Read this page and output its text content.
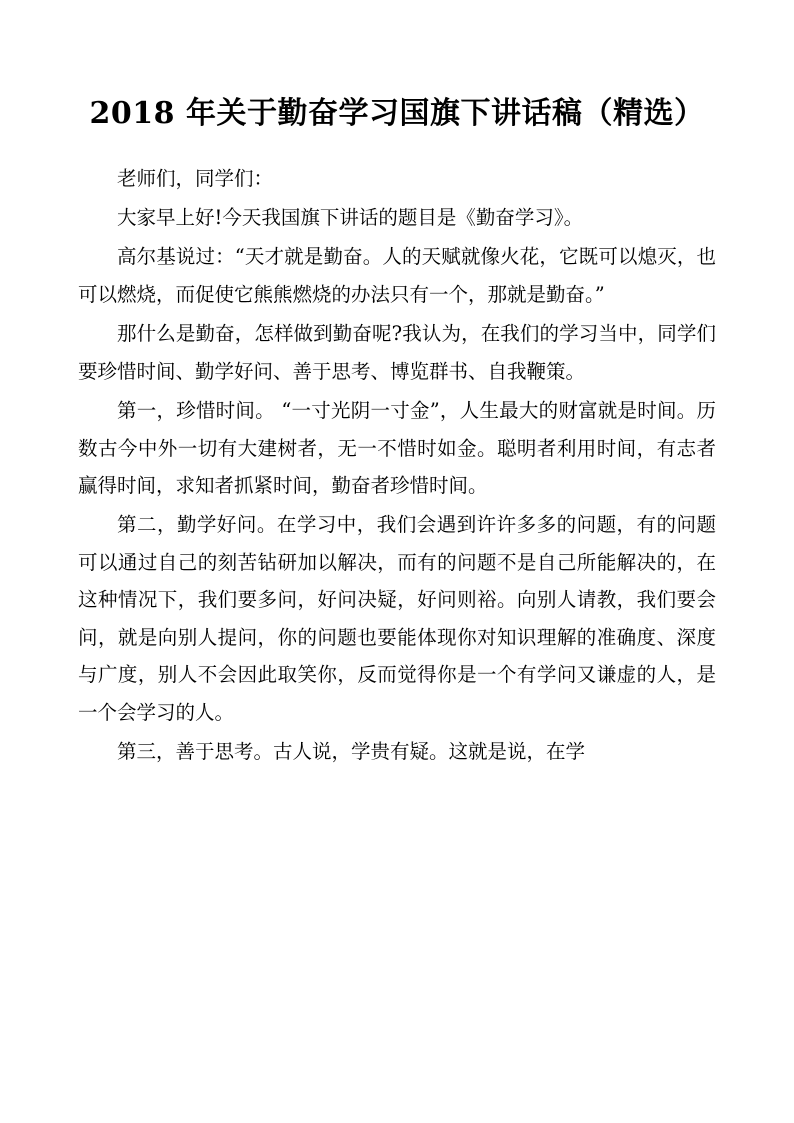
2018 年关于勤奋学习国旗下讲话稿（精选）

老师们，同学们：

大家早上好!今天我国旗下讲话的题目是《勤奋学习》。

高尔基说过：“天才就是勤奋。人的天赋就像火花，它既可以熄灭，也可以燃烧，而促使它熊熊燃烧的办法只有一个，那就是勤奋。”

那什么是勤奋，怎样做到勤奋呢?我认为，在我们的学习当中，同学们要珍惜时间、勤学好问、善于思考、博览群书、自我鞭策。

第一，珍惜时间。 “一寸光阴一寸金”，人生最大的财富就是时间。历数古今中外一切有大建树者，无一不惜时如金。聪明者利用时间，有志者赢得时间，求知者抓紧时间，勤奋者珍惜时间。

第二，勤学好问。在学习中，我们会遇到许许多多的问题，有的问题可以通过自己的刻苦钻研加以解决，而有的问题不是自己所能解决的，在这种情况下，我们要多问，好问决疑，好问则裕。向别人请教，我们要会问，就是向别人提问，你的问题也要能体现你对知识理解的准确度、深度与广度，别人不会因此取笑你，反而觉得你是一个有学问又谦虚的人，是一个会学习的人。

第三，善于思考。古人说，学贵有疑。这就是说，在学
